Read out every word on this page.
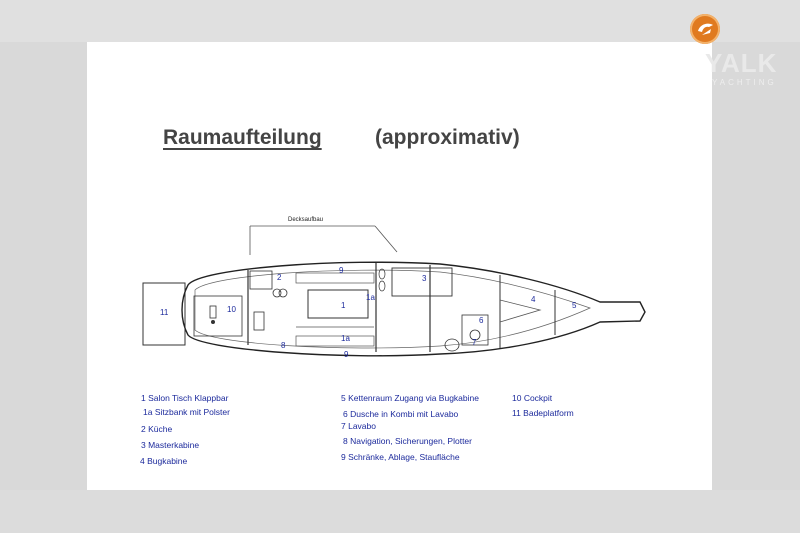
YALK
YACHTING
Raumaufteilung	(approximativ)
Decksaufbau
1
1a
1a
2	3
4
5
6
7
8
9
9
10
11
1 Salon Tisch Klappbar
1a Sitzbank mit Polster
2 Küche
3 Masterkabine
4 Bugkabine
5 Kettenraum Zugang via Bugkabine
6 Dusche in Kombi mit Lavabo
7 Lavabo
8 Navigation, Sicherungen, Plotter
9 Schränke, Ablage, Staufläche
10 Cockpit
11 Badeplatform
